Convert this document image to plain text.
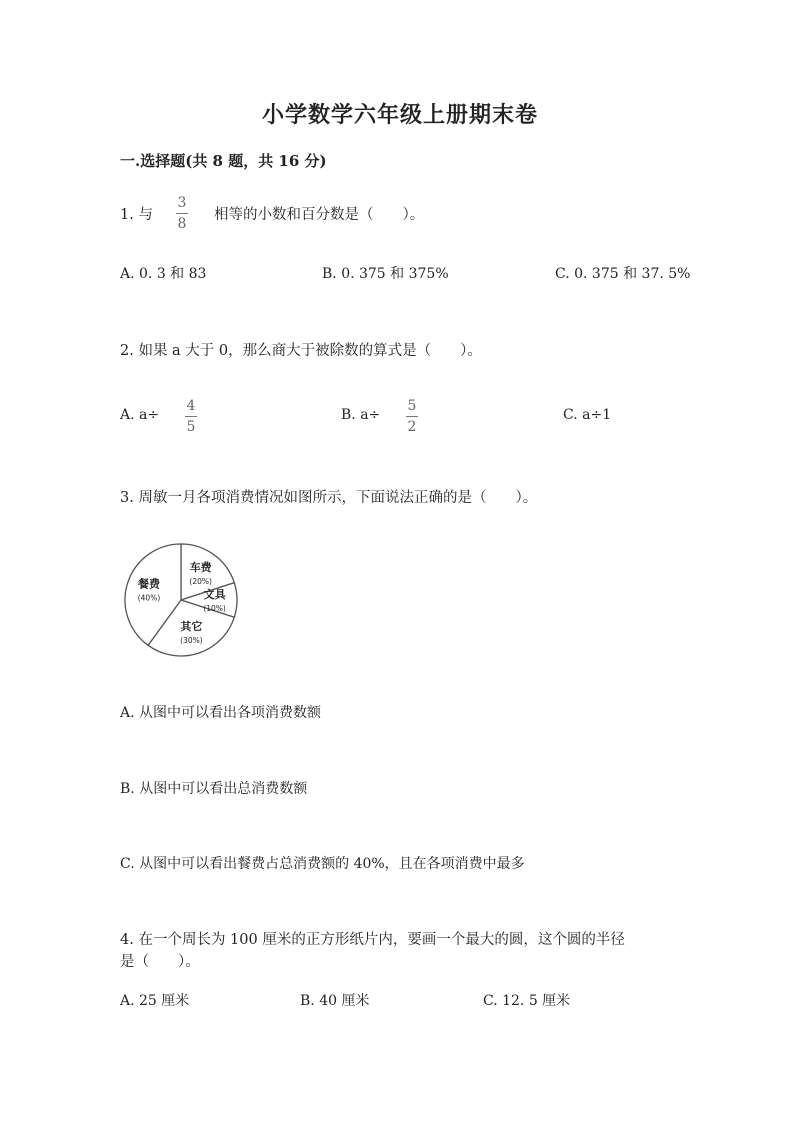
小学数学六年级上册期末卷
一.选择题(共 8 题，共 16 分)
1. 与
3
8
相等的小数和百分数是（　　）。
A. 0. 3 和 83	B. 0. 375 和 375%	C. 0. 375 和 37. 5%
2. 如果 a 大于 0，那么商大于被除数的算式是（　　）。
A. a÷
4
5
B. a÷
5
2
C. a÷1
3. 周敏一月各项消费情况如图所示，下面说法正确的是（　　）。
车费
(20%)
文具
(10%)
其它
(30%)
餐费
(40%)
A. 从图中可以看出各项消费数额
B. 从图中可以看出总消费数额
C. 从图中可以看出餐费占总消费额的 40%，且在各项消费中最多
4. 在一个周长为 100 厘米的正方形纸片内，要画一个最大的圆，这个圆的半径
是（　　）。
A. 25 厘米	B. 40 厘米	C. 12. 5 厘米
